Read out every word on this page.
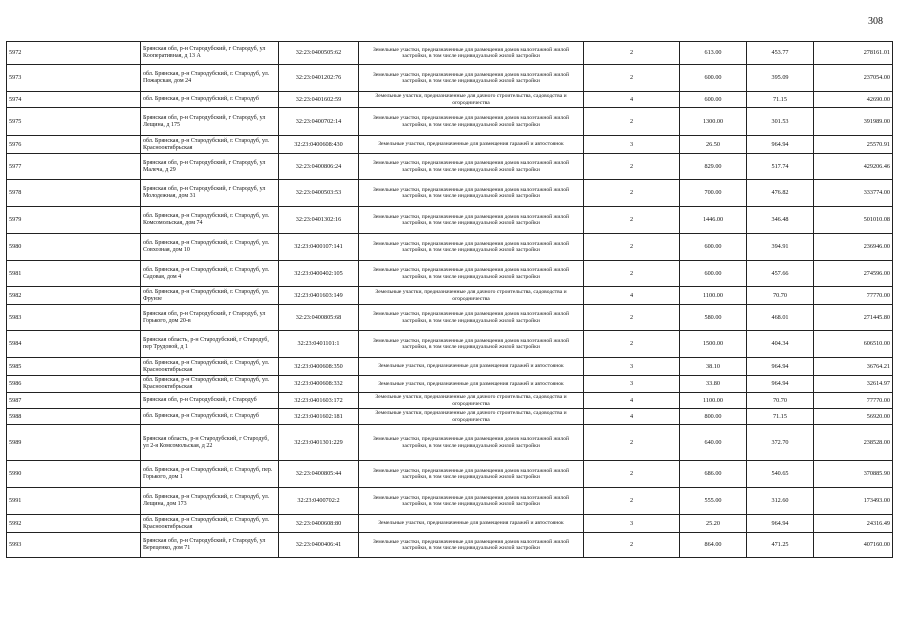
308
5972	Брянская обл, р-н Стародубский, г Стародуб, ул Кооперативная, д 13 А	32:23:0400505:62	Земельные участки, предназначенные для размещения домов малоэтажной жилой застройки, в том числе индивидуальной жилой застройки	2	613.00	453.77	278161.01
5973	обл. Брянская, р-н Стародубский, г. Стародуб, ул. Пожарская, дом 24	32:23:0401202:76	Земельные участки, предназначенные для размещения домов малоэтажной жилой застройки, в том числе индивидуальной жилой застройки	2	600.00	395.09	237054.00
5974	обл. Брянская, р-н Стародубский, г. Стародуб	32:23:0401602:59	Земельные участки, предназначенные для дачного строительства, садоводства и огородничества	4	600.00	71.15	42690.00
5975	Брянская обл, р-н Стародубский, г Стародуб, ул Лещина, д 175	32:23:0400702:14	Земельные участки, предназначенные для размещения домов малоэтажной жилой застройки, в том числе индивидуальной жилой застройки	2	1300.00	301.53	391989.00
5976	обл. Брянская, р-н Стародубский, г. Стародуб, ул. Краснооктябрьская	32:23:0400608:430	Земельные участки, предназначенные для размещения гаражей и автостоянок	3	26.50	964.94	25570.91
5977	Брянская обл, р-н Стародубский, г Стародуб, ул Малеча, д 29	32:23:0400806:24	Земельные участки, предназначенные для размещения домов малоэтажной жилой застройки, в том числе индивидуальной жилой застройки	2	829.00	517.74	429206.46
5978	Брянская обл, р-н Стародубский, г Стародуб, ул Молодежная, дом 31	32:23:0400503:53	Земельные участки, предназначенные для размещения домов малоэтажной жилой застройки, в том числе индивидуальной жилой застройки	2	700.00	476.82	333774.00
5979	обл. Брянская, р-н Стародубский, г. Стародуб, ул. Комсомольская, дом 74	32:23:0401302:16	Земельные участки, предназначенные для размещения домов малоэтажной жилой застройки, в том числе индивидуальной жилой застройки	2	1446.00	346.48	501010.08
5980	обл. Брянская, р-н Стародубский, г. Стародуб, ул. Совхозная, дом 10	32:23:0400107:141	Земельные участки, предназначенные для размещения домов малоэтажной жилой застройки, в том числе индивидуальной жилой застройки	2	600.00	394.91	236946.00
5981	обл. Брянская, р-н Стародубский, г. Стародуб, ул. Садовая, дом 4	32:23:0400402:105	Земельные участки, предназначенные для размещения домов малоэтажной жилой застройки, в том числе индивидуальной жилой застройки	2	600.00	457.66	274596.00
5982	обл. Брянская, р-н Стародубский, г. Стародуб, ул. Фрунзе	32:23:0401603:149	Земельные участки, предназначенные для дачного строительства, садоводства и огородничества	4	1100.00	70.70	77770.00
5983	Брянская обл, р-н Стародубский, г Стародуб, ул Горького, дом 20-в	32:23:0400805:68	Земельные участки, предназначенные для размещения домов малоэтажной жилой застройки, в том числе индивидуальной жилой застройки	2	580.00	468.01	271445.80
5984	Брянская область, р-н Стародубский, г Стародуб, пер Трудовой, д 1	32:23:0401101:1	Земельные участки, предназначенные для размещения домов малоэтажной жилой застройки, в том числе индивидуальной жилой застройки	2	1500.00	404.34	606510.00
5985	обл. Брянская, р-н Стародубский, г. Стародуб, ул. Краснооктябрьская	32:23:0400608:350	Земельные участки, предназначенные для размещения гаражей и автостоянок	3	38.10	964.94	36764.21
5986	обл. Брянская, р-н Стародубский, г. Стародуб, ул. Краснооктябрьская	32:23:0400608:332	Земельные участки, предназначенные для размещения гаражей и автостоянок	3	33.80	964.94	32614.97
5987	Брянская обл, р-н Стародубский, г Стародуб	32:23:0401603:172	Земельные участки, предназначенные для дачного строительства, садоводства и огородничества	4	1100.00	70.70	77770.00
5988	обл. Брянская, р-н Стародубский, г. Стародуб	32:23:0401602:181	Земельные участки, предназначенные для дачного строительства, садоводства и огородничества	4	800.00	71.15	56920.00
5989	Брянская область, р-н Стародубский, г Стародуб, ул 2-я Комсомольская, д 22	32:23:0401301:229	Земельные участки, предназначенные для размещения домов малоэтажной жилой застройки, в том числе индивидуальной жилой застройки	2	640.00	372.70	238528.00
5990	обл. Брянская, р-н Стародубский, г. Стародуб, пер. Горького, дом 1	32:23:0400805:44	Земельные участки, предназначенные для размещения домов малоэтажной жилой застройки, в том числе индивидуальной жилой застройки	2	686.00	540.65	370885.90
5991	обл. Брянская, р-н Стародубский, г. Стародуб, ул. Лещина, дом 173	32:23:0400702:2	Земельные участки, предназначенные для размещения домов малоэтажной жилой застройки, в том числе индивидуальной жилой застройки	2	555.00	312.60	173493.00
5992	обл. Брянская, р-н Стародубский, г. Стародуб, ул. Краснооктябрьская	32:23:0400608:80	Земельные участки, предназначенные для размещения гаражей и автостоянок	3	25.20	964.94	24316.49
5993	Брянская обл, р-н Стародубский, г Стародуб, ул Вереценко, дом 71	32:23:0400406:41	Земельные участки, предназначенные для размещения домов малоэтажной жилой застройки, в том числе индивидуальной жилой застройки	2	864.00	471.25	407160.00
